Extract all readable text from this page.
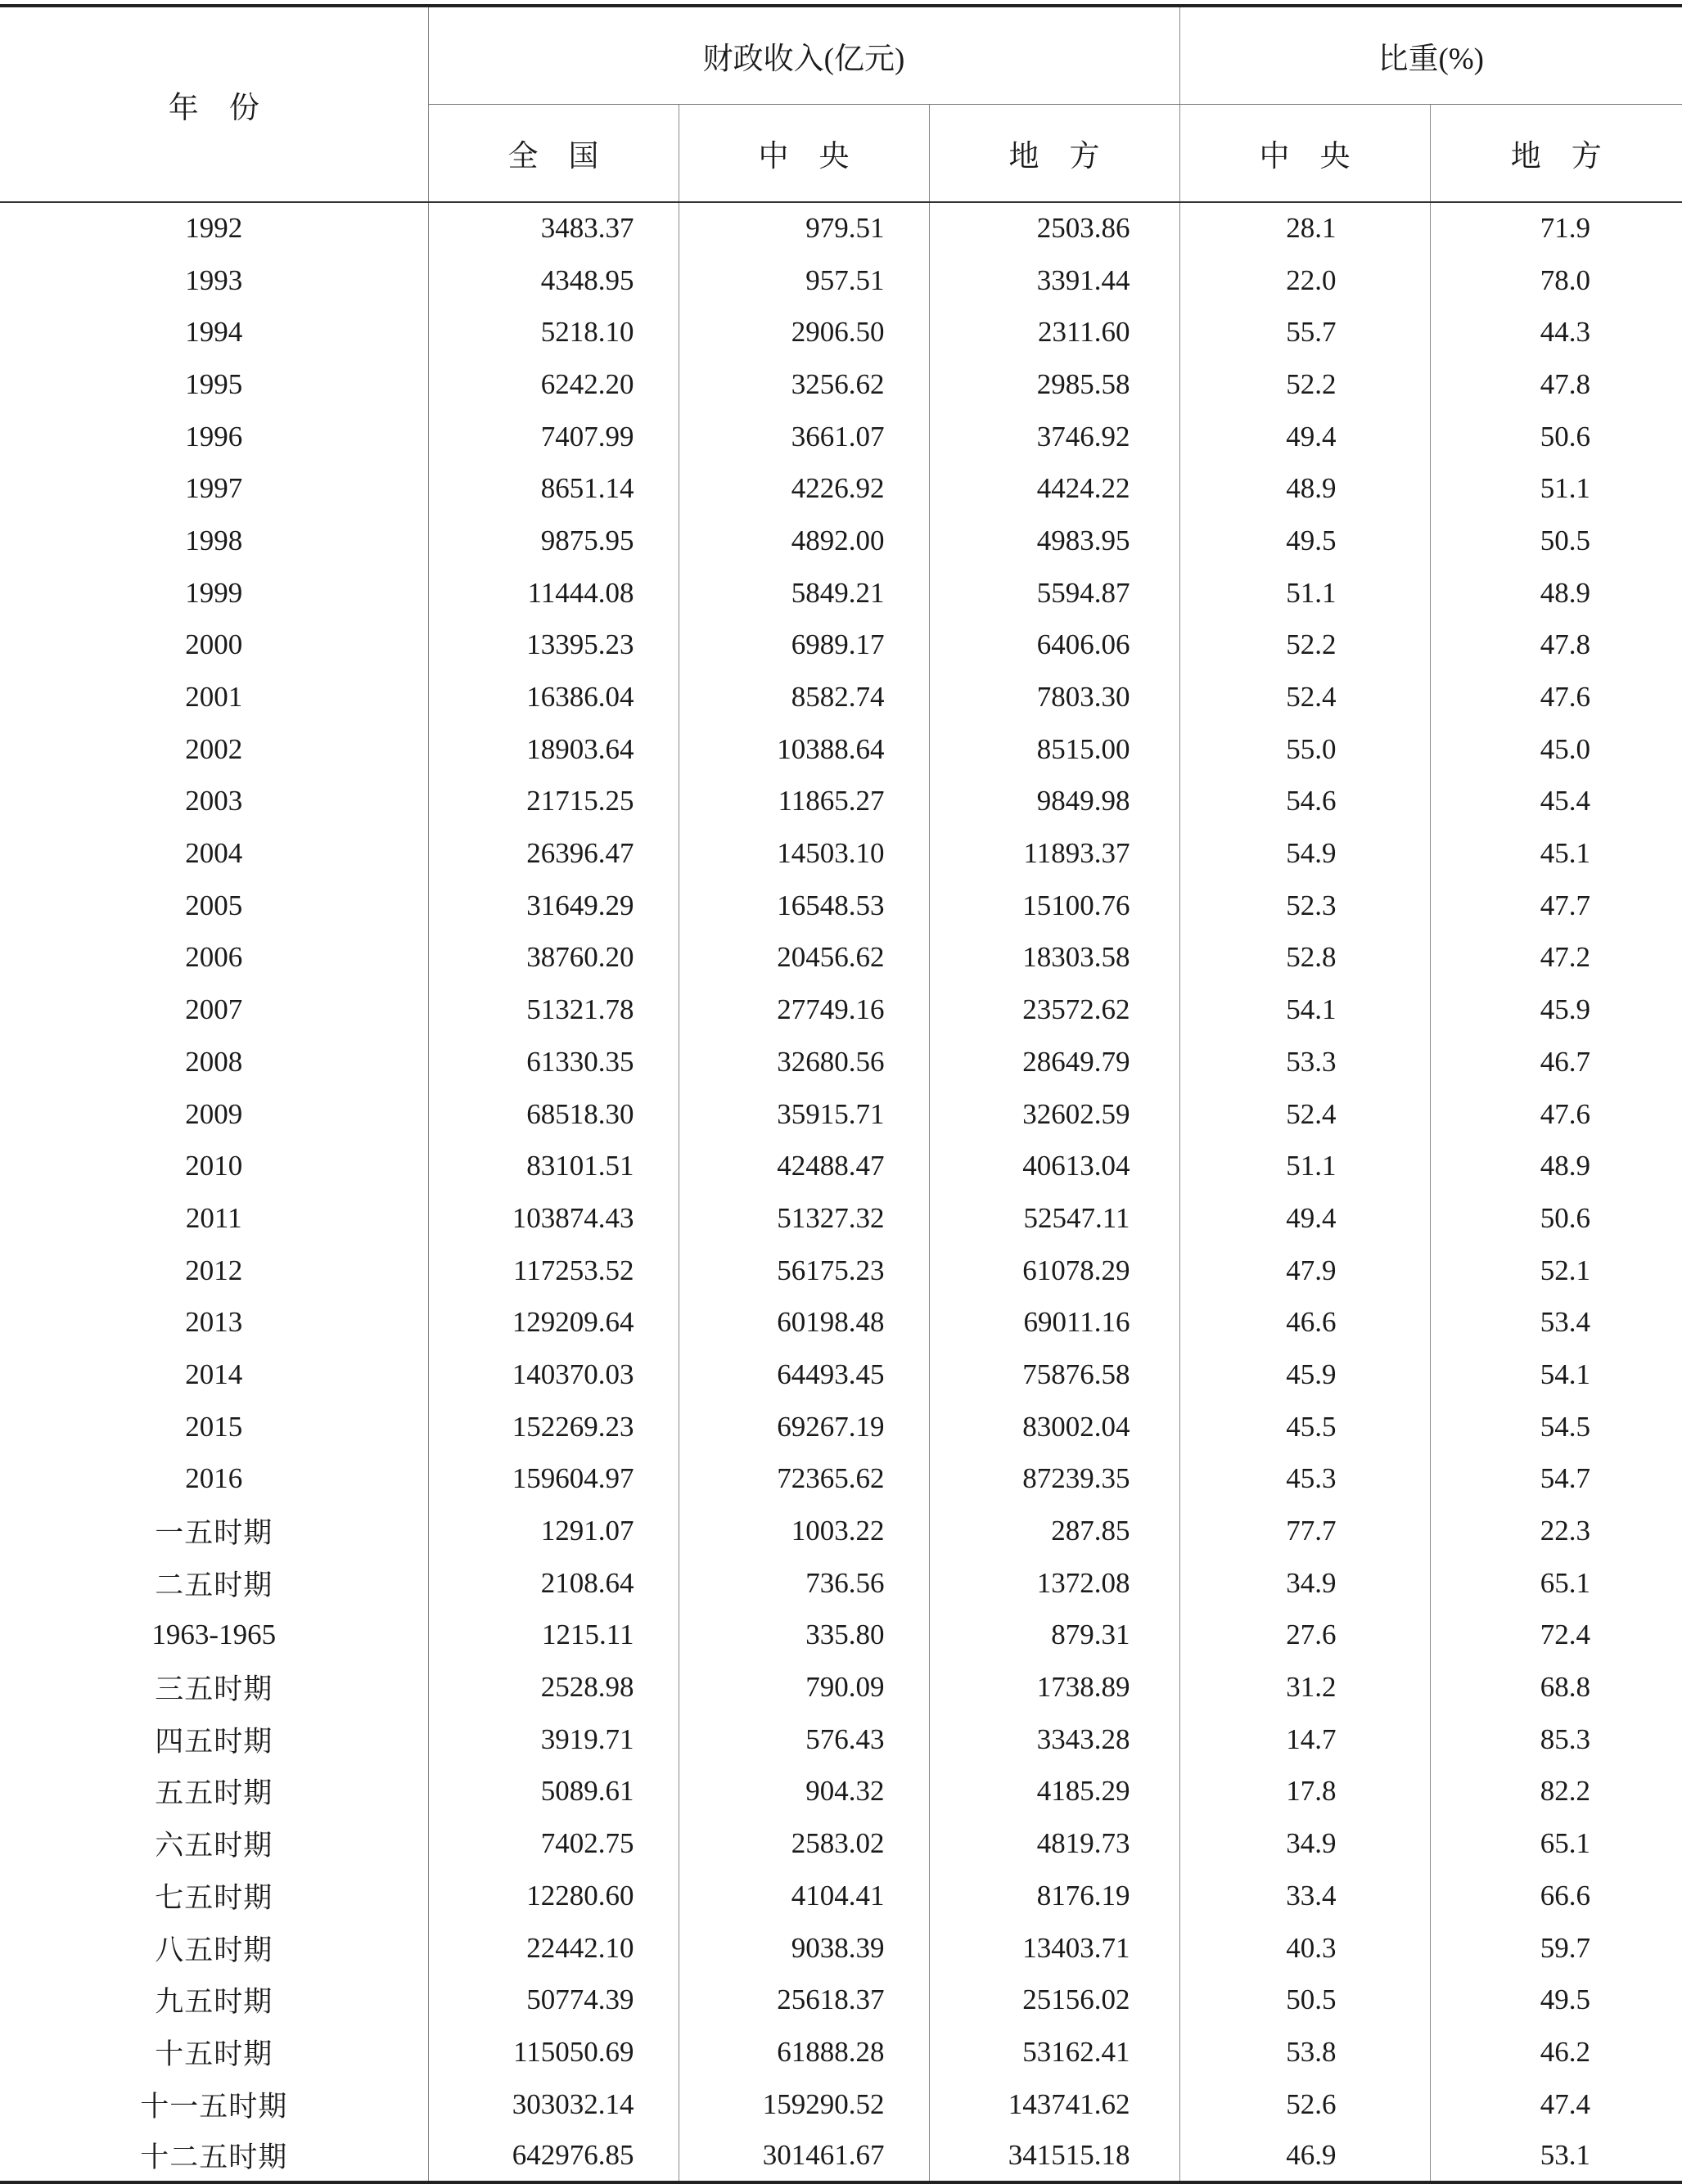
年　份	财政收入(亿元)			比重(%)	
	全　国	中　央	地　方	中　央	地　方
1992	3483.37	979.51	2503.86	28.1	71.9
1993	4348.95	957.51	3391.44	22.0	78.0
1994	5218.10	2906.50	2311.60	55.7	44.3
1995	6242.20	3256.62	2985.58	52.2	47.8
1996	7407.99	3661.07	3746.92	49.4	50.6
1997	8651.14	4226.92	4424.22	48.9	51.1
1998	9875.95	4892.00	4983.95	49.5	50.5
1999	11444.08	5849.21	5594.87	51.1	48.9
2000	13395.23	6989.17	6406.06	52.2	47.8
2001	16386.04	8582.74	7803.30	52.4	47.6
2002	18903.64	10388.64	8515.00	55.0	45.0
2003	21715.25	11865.27	9849.98	54.6	45.4
2004	26396.47	14503.10	11893.37	54.9	45.1
2005	31649.29	16548.53	15100.76	52.3	47.7
2006	38760.20	20456.62	18303.58	52.8	47.2
2007	51321.78	27749.16	23572.62	54.1	45.9
2008	61330.35	32680.56	28649.79	53.3	46.7
2009	68518.30	35915.71	32602.59	52.4	47.6
2010	83101.51	42488.47	40613.04	51.1	48.9
2011	103874.43	51327.32	52547.11	49.4	50.6
2012	117253.52	56175.23	61078.29	47.9	52.1
2013	129209.64	60198.48	69011.16	46.6	53.4
2014	140370.03	64493.45	75876.58	45.9	54.1
2015	152269.23	69267.19	83002.04	45.5	54.5
2016	159604.97	72365.62	87239.35	45.3	54.7
一五时期	1291.07	1003.22	287.85	77.7	22.3
二五时期	2108.64	736.56	1372.08	34.9	65.1
1963-1965	1215.11	335.80	879.31	27.6	72.4
三五时期	2528.98	790.09	1738.89	31.2	68.8
四五时期	3919.71	576.43	3343.28	14.7	85.3
五五时期	5089.61	904.32	4185.29	17.8	82.2
六五时期	7402.75	2583.02	4819.73	34.9	65.1
七五时期	12280.60	4104.41	8176.19	33.4	66.6
八五时期	22442.10	9038.39	13403.71	40.3	59.7
九五时期	50774.39	25618.37	25156.02	50.5	49.5
十五时期	115050.69	61888.28	53162.41	53.8	46.2
十一五时期	303032.14	159290.52	143741.62	52.6	47.4
十二五时期	642976.85	301461.67	341515.18	46.9	53.1
